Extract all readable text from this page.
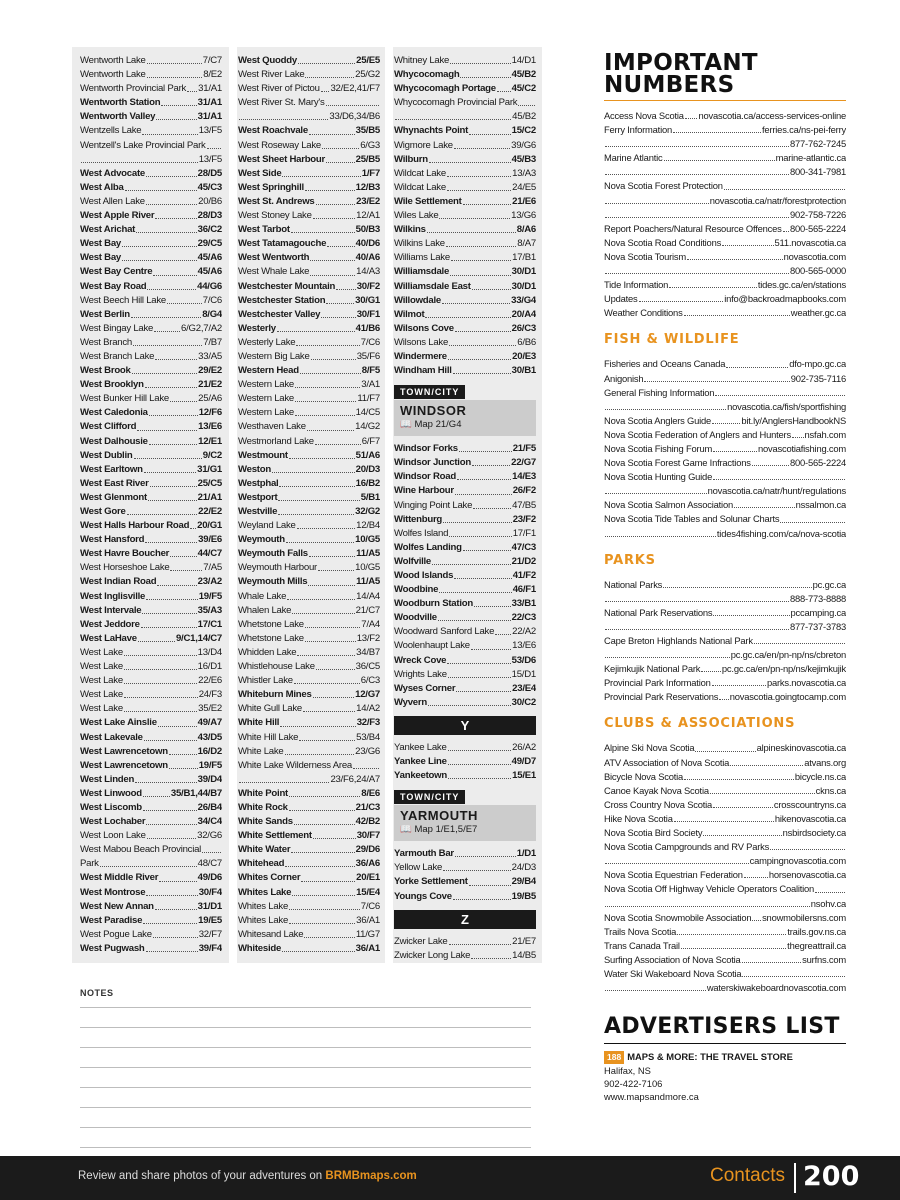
Wentworth Lake	7/C7
Wentworth Lake	8/E2
Wentworth Provincial Park 31/A1
Wentworth Station	31/A1
Wentworth Valley	31/A1
Wentzells Lake	13/F5
Wentzell's Lake Provincial Park
13/F5
West Advocate	28/D5
West Alba	45/C3
West Allen Lake	20/B6
West Apple River	28/D3
West Arichat	36/C2
West Bay	29/C5
West Bay	45/A6
West Bay Centre	45/A6
West Bay Road	44/G6
West Beech Hill Lake	7/C6
West Berlin	8/G4
West Bingay Lake	6/G2,7/A2
West Branch	7/B7
West Branch Lake	33/A5
West Brook	29/E2
West Brooklyn	21/E2
West Bunker Hill Lake	25/A6
West Caledonia	12/F6
West Clifford	13/E6
West Dalhousie	12/E1
West Dublin	9/C2
West Earltown	31/G1
West East River	25/C5
West Glenmont	21/A1
West Gore	22/E2
West Halls Harbour Road 20/G1
West Hansford	39/E6
West Havre Boucher	44/C7
West Horseshoe Lake	7/A5
West Indian Road	23/A2
West Inglisville	19/F5
West Intervale	35/A3
West Jeddore	17/C1
West LaHave	9/C1,14/C7
West Lake	13/D4
West Lake	16/D1
West Lake	22/E6
West Lake	24/F3
West Lake	35/E2
West Lake Ainslie	49/A7
West Lakevale	43/D5
West Lawrencetown	16/D2
West Lawrencetown	19/F5
West Linden	39/D4
West Linwood	35/B1,44/B7
West Liscomb	26/B4
West Lochaber	34/C4
West Loon Lake	32/G6
West Mabou Beach Provincial
Park	48/C7
West Middle River	49/D6
West Montrose	30/F4
West New Annan	31/D1
West Paradise	19/E5
West Pogue Lake	32/F7
West Pugwash	39/F4
West Quoddy	25/E5
West River Lake	25/G2
West River of Pictou 32/E2,41/F7
West River St. Mary's
33/D6,34/B6
West Roachvale	35/B5
West Roseway Lake	6/G3
West Sheet Harbour	25/B5
West Side	1/F7
West Springhill	12/B3
West St. Andrews	23/E2
West Stoney Lake	12/A1
West Tarbot	50/B3
West Tatamagouche	40/D6
West Wentworth	40/A6
West Whale Lake	14/A3
Westchester Mountain 30/F2
Westchester Station	30/G1
Westchester Valley	30/F1
Westerly	41/B6
Westerly Lake	7/C6
Western Big Lake	35/F6
Western Head	8/F5
Western Lake	3/A1
Western Lake	11/F7
Western Lake	14/C5
Westhaven Lake	14/G2
Westmorland Lake	6/F7
Westmount	51/A6
Weston	20/D3
Westphal	16/B2
Westport	5/B1
Westville	32/G2
Weyland Lake	12/B4
Weymouth	10/G5
Weymouth Falls	11/A5
Weymouth Harbour	10/G5
Weymouth Mills	11/A5
Whale Lake	14/A4
Whalen Lake	21/C7
Whetstone Lake	7/A4
Whetstone Lake	13/F2
Whidden Lake	34/B7
Whistlehouse Lake	36/C5
Whistler Lake	6/C3
Whiteburn Mines	12/G7
White Gull Lake	14/A2
White Hill	32/F3
White Hill Lake	53/B4
White Lake	23/G6
White Lake Wilderness Area
23/F6,24/A7
White Point	8/E6
White Rock	21/C3
White Sands	42/B2
White Settlement	30/F7
White Water	29/D6
Whitehead	36/A6
Whites Corner	20/E1
Whites Lake	15/E4
Whites Lake	7/C6
Whites Lake	36/A1
Whitesand Lake	11/G7
Whiteside	36/A1
Whitney Lake	14/D1
Whycocomagh	45/B2
Whycocomagh Portage 45/C2
Whycocomagh Provincial Park
45/B2
Whynachts Point	15/C2
Wigmore Lake	39/G6
Wilburn	45/B3
Wildcat Lake	13/A3
Wildcat Lake	24/E5
Wile Settlement	21/E6
Wiles Lake	13/G6
Wilkins	8/A6
Wilkins Lake	8/A7
Williams Lake	17/B1
Williamsdale	30/D1
Williamsdale East	30/D1
Willowdale	33/G4
Wilmot	20/A4
Wilsons Cove	26/C3
Wilsons Lake	6/B6
Windermere	20/E3
Windham Hill	30/B1
TOWN/CITY
WINDSOR
📖 Map 21/G4
Windsor Forks	21/F5
Windsor Junction	22/G7
Windsor Road	14/E3
Wine Harbour	26/F2
Winging Point Lake	47/B5
Wittenburg	23/F2
Wolfes Island	17/F1
Wolfes Landing	47/C3
Wolfville	21/D2
Wood Islands	41/F2
Woodbine	46/F1
Woodburn Station	33/B1
Woodville	22/C3
Woodward Sanford Lake 22/A2
Woolenhaupt Lake	13/E6
Wreck Cove	53/D6
Wrights Lake	15/D1
Wyses Corner	23/E4
Wyvern	30/C2
Y
Yankee Lake	26/A2
Yankee Line	49/D7
Yankeetown	15/E1
TOWN/CITY
YARMOUTH
📖 Map 1/E1,5/E7
Yarmouth Bar	1/D1
Yellow Lake	24/D3
Yorke Settlement	29/B4
Youngs Cove	19/B5
Z
Zwicker Lake	21/E7
Zwicker Long Lake	14/B5
NOTES
IMPORTANT
NUMBERS
Access Nova Scotia novascotia.ca/access-services-online
Ferry Information	ferries.ca/ns-pei-ferry
877-762-7245
Marine Atlantic	marine-atlantic.ca
800-341-7981
Nova Scotia Forest Protection
novascotia.ca/natr/forestprotection
902-758-7226
Report Poachers/Natural Resource Offences 800-565-2224
Nova Scotia Road Conditions	511.novascotia.ca
Nova Scotia Tourism	novascotia.com
800-565-0000
Tide Information	tides.gc.ca/en/stations
Updates	info@backroadmapbooks.com
Weather Conditions	weather.gc.ca
FISH & WILDLIFE
Fisheries and Oceans Canada	dfo-mpo.gc.ca
Anigonish	902-735-7116
General Fishing Information
novascotia.ca/fish/sportfishing
Nova Scotia Anglers Guide	bit.ly/AnglersHandbookNS
Nova Scotia Federation of Anglers and Hunters nsfah.com
Nova Scotia Fishing Forum	novascotiafishing.com
Nova Scotia Forest Game Infractions	800-565-2224
Nova Scotia Hunting Guide
novascotia.ca/natr/hunt/regulations
Nova Scotia Salmon Association	nssalmon.ca
Nova Scotia Tide Tables and Solunar Charts
tides4fishing.com/ca/nova-scotia
PARKS
National Parks	pc.gc.ca
888-773-8888
National Park Reservations	pccamping.ca
877-737-3783
Cape Breton Highlands National Park
pc.gc.ca/en/pn-np/ns/cbreton
Kejimkujik National Park pc.gc.ca/en/pn-np/ns/kejimkujik
Provincial Park Information	parks.novascotia.ca
Provincial Park Reservations novascotia.goingtocamp.com
CLUBS & ASSOCIATIONS
Alpine Ski Nova Scotia	alpineskinovascotia.ca
ATV Association of Nova Scotia	atvans.org
Bicycle Nova Scotia	bicycle.ns.ca
Canoe Kayak Nova Scotia	ckns.ca
Cross Country Nova Scotia	crosscountryns.ca
Hike Nova Scotia	hikenovascotia.ca
Nova Scotia Bird Society	nsbirdsociety.ca
Nova Scotia Campgrounds and RV Parks
campingnovascotia.com
Nova Scotia Equestrian Federation	horsenovascotia.ca
Nova Scotia Off Highway Vehicle Operators Coalition
nsohv.ca
Nova Scotia Snowmobile Association snowmobilersns.com
Trails Nova Scotia	trails.gov.ns.ca
Trans Canada Trail	thegreattrail.ca
Surfing Association of Nova Scotia	surfns.com
Water Ski Wakeboard Nova Scotia
waterskiwakeboardnovascotia.com
ADVERTISERS LIST
188 MAPS & MORE: THE TRAVEL STORE
Halifax, NS
902-422-7106
www.mapsandmore.ca
Review and share photos of your adventures on BRMBmaps.com	Contacts 200
